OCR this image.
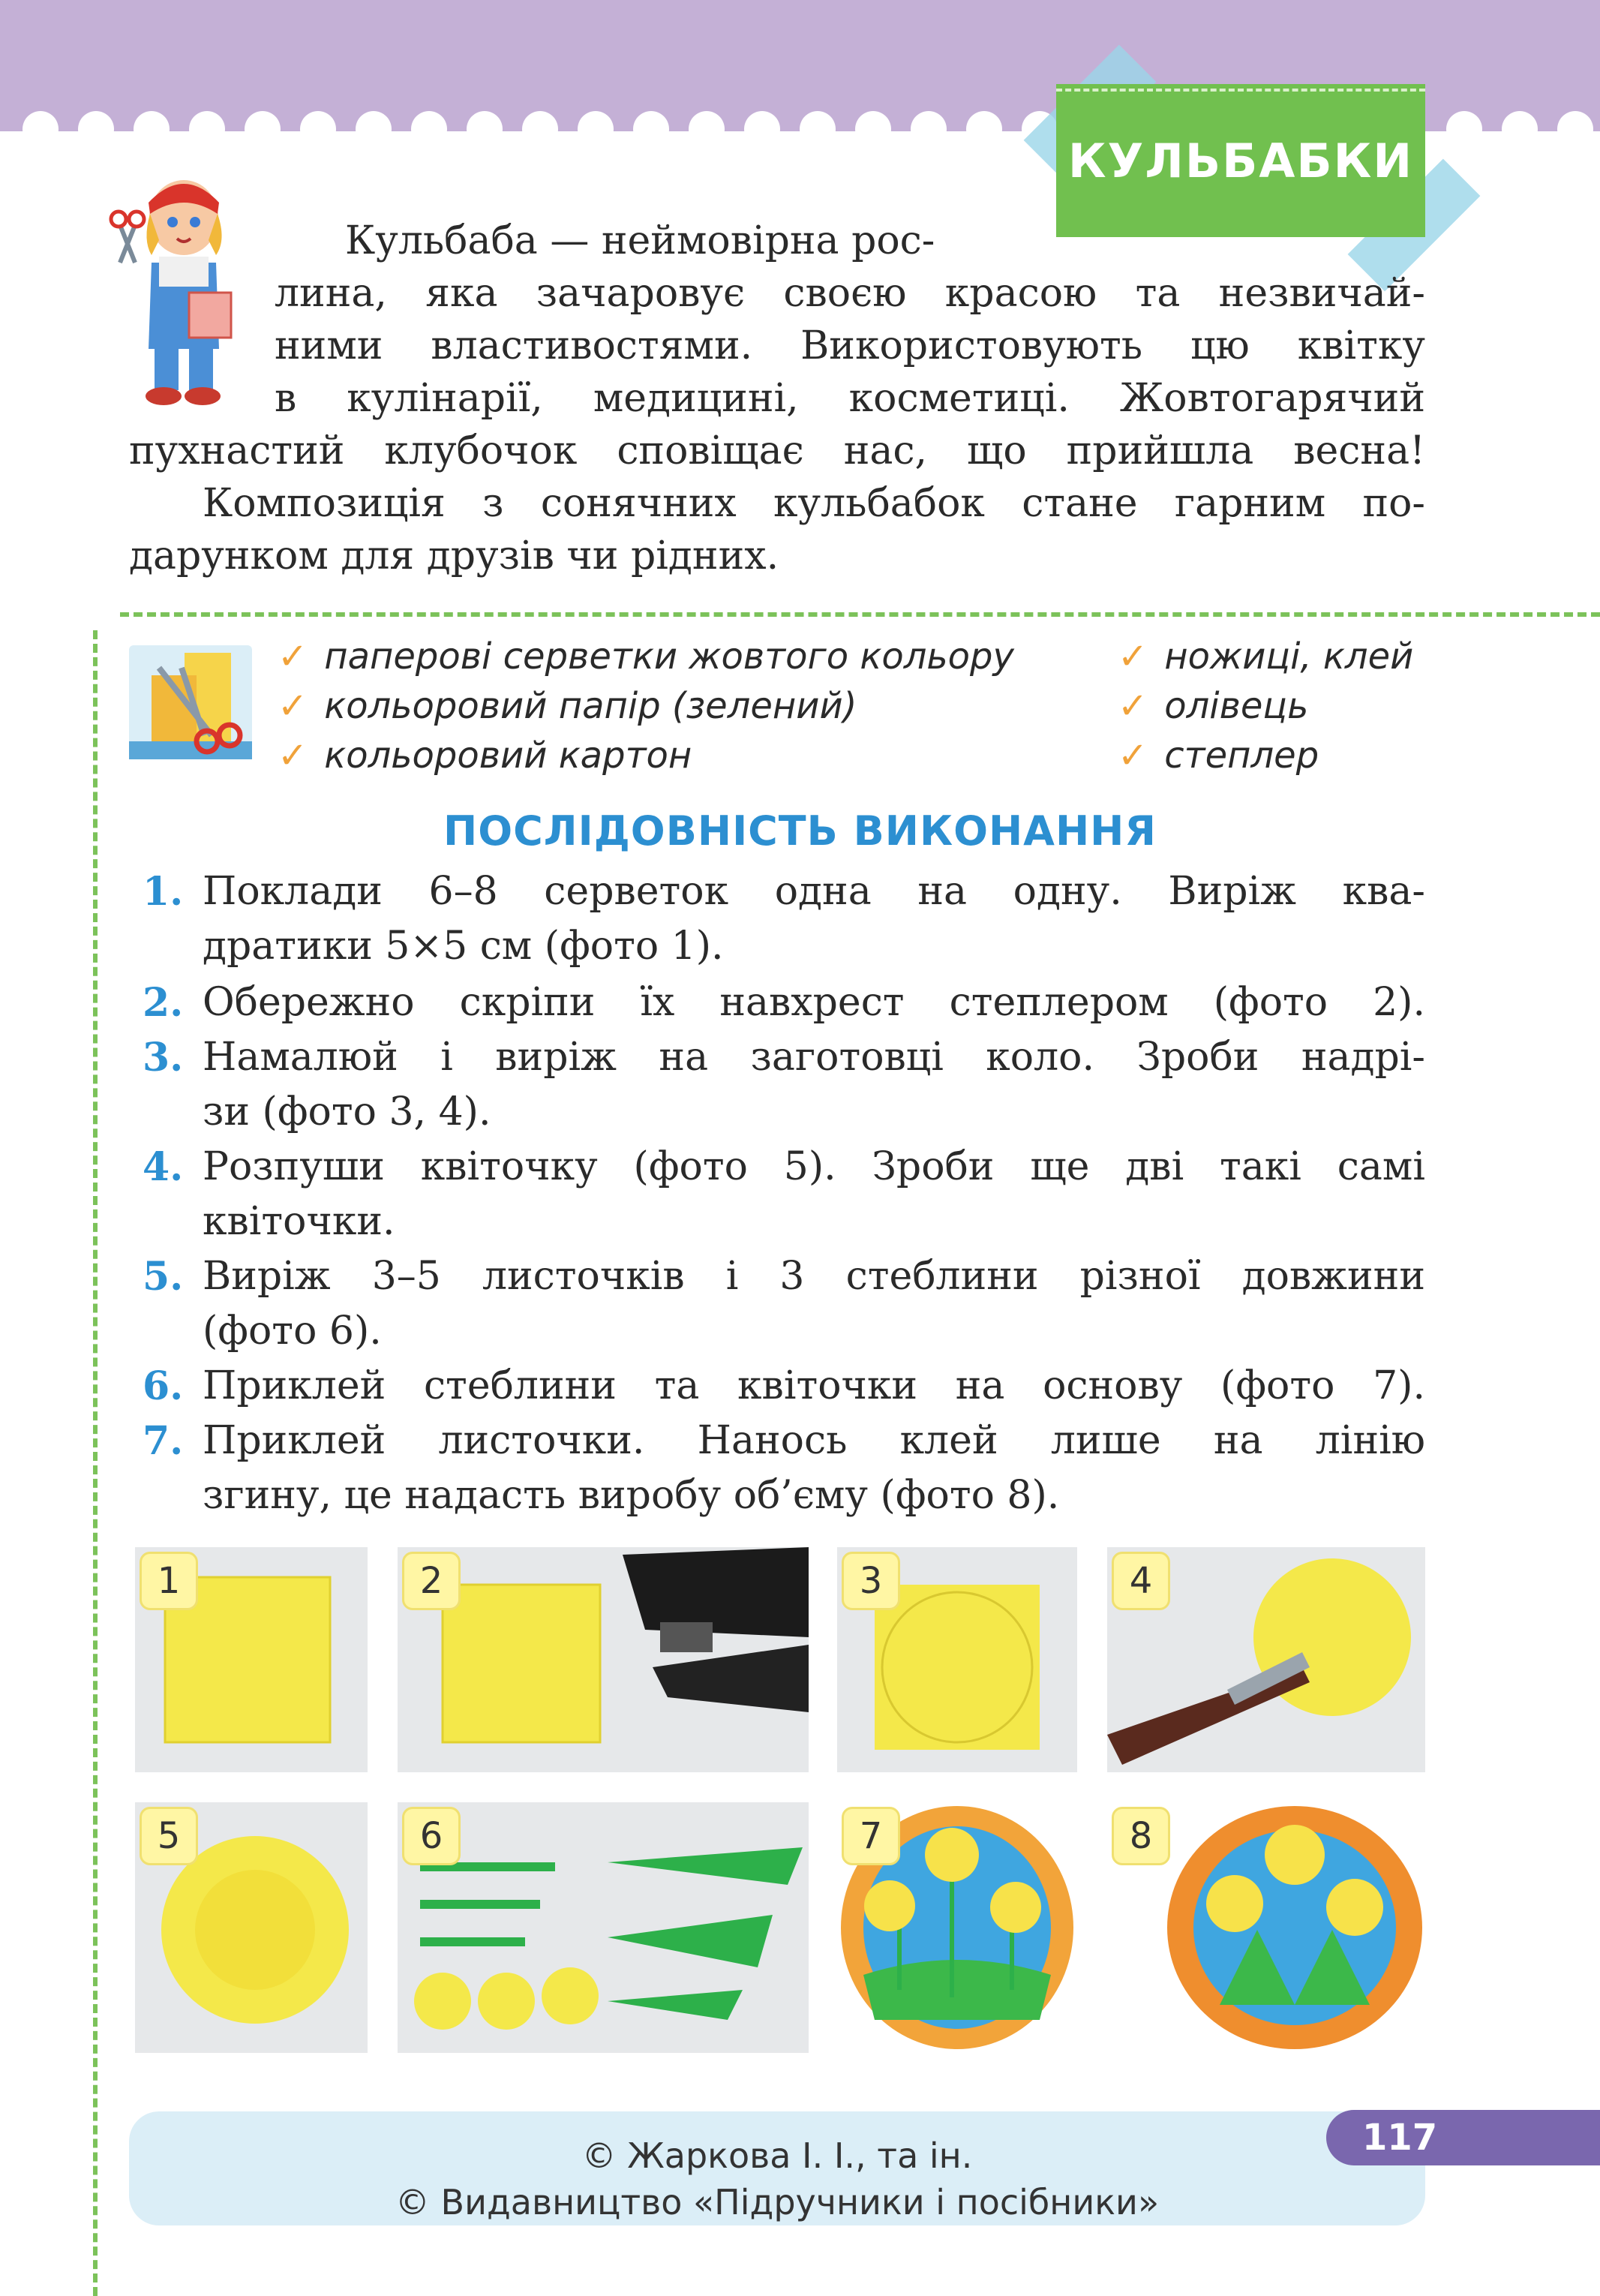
КУЛЬБАБКИ
Кульбаба — неймовірна рос-
лина, яка зачаровує своєю красою та незвичай-
ними властивостями. Використовують цю квітку
в кулінарії, медицині, косметиці. Жовтогарячий
пухнастий клубочок сповіщає нас, що прийшла весна!
Композиція з сонячних кульбабок стане гарним по-
дарунком для друзів чи рідних.
✓ паперові серветки жовтого кольору
✓ кольоровий папір (зелений)
✓ кольоровий картон
✓ ножиці, клей
✓ олівець
✓ степлер
ПОСЛІДОВНІСТЬ ВИКОНАННЯ
1. Поклади 6–8 серветок одна на одну. Виріж ква-
дратики 5×5 см (фото 1).
2. Обережно скріпи їх навхрест степлером (фото 2).
3. Намалюй і виріж на заготовці коло. Зроби надрі-
зи (фото 3, 4).
4. Розпуши квіточку (фото 5). Зроби ще дві такі самі
квіточки.
5. Виріж 3–5 листочків і 3 стеблини різної довжини
(фото 6).
6. Приклей стеблини та квіточки на основу (фото 7).
7. Приклей листочки. Нанось клей лише на лінію
згину, це надасть виробу об’єму (фото 8).
1	2	3	4
5	6	7	8
© Жаркова І. І., та ін.
© Видавництво «Підручники і посібники»
117
